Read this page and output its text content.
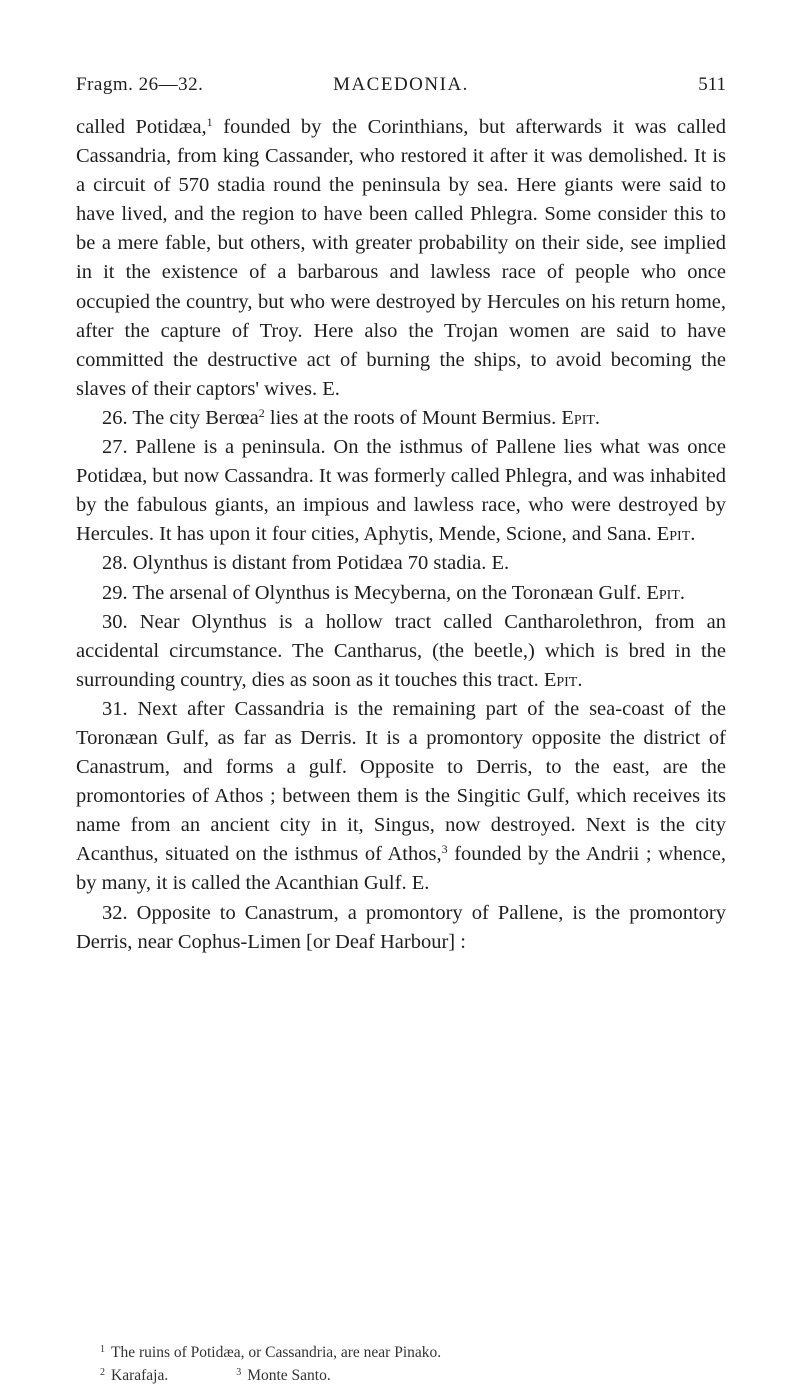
Fragm. 26—32.	MACEDONIA.	511

called Potidæa,$^1$ founded by the Corinthians, but afterwards it was called Cassandria, from king Cassander, who restored it after it was demolished. It is a circuit of 570 stadia round the peninsula by sea. Here giants were said to have lived, and the region to have been called Phlegra. Some consider this to be a mere fable, but others, with greater probability on their side, see implied in it the existence of a barbarous and lawless race of people who once occupied the country, but who were destroyed by Hercules on his return home, after the capture of Troy. Here also the Trojan women are said to have committed the destructive act of burning the ships, to avoid becoming the slaves of their captors' wives. E.

26. The city Berœa$^2$ lies at the roots of Mount Bermius. Epit.

27. Pallene is a peninsula. On the isthmus of Pallene lies what was once Potidæa, but now Cassandra. It was formerly called Phlegra, and was inhabited by the fabulous giants, an impious and lawless race, who were destroyed by Hercules. It has upon it four cities, Aphytis, Mende, Scione, and Sana. Epit.

28. Olynthus is distant from Potidæa 70 stadia. E.

29. The arsenal of Olynthus is Mecyberna, on the Toronæan Gulf. Epit.

30. Near Olynthus is a hollow tract called Cantharolethron, from an accidental circumstance. The Cantharus, (the beetle,) which is bred in the surrounding country, dies as soon as it touches this tract. Epit.

31. Next after Cassandria is the remaining part of the sea-coast of the Toronæan Gulf, as far as Derris. It is a promontory opposite the district of Canastrum, and forms a gulf. Opposite to Derris, to the east, are the promontories of Athos ; between them is the Singitic Gulf, which receives its name from an ancient city in it, Singus, now destroyed. Next is the city Acanthus, situated on the isthmus of Athos,$^3$ founded by the Andrii ; whence, by many, it is called the Acanthian Gulf. E.

32. Opposite to Canastrum, a promontory of Pallene, is the promontory Derris, near Cophus-Limen [or Deaf Harbour] :

$^1$ The ruins of Potidæa, or Cassandria, are near Pinako.
$^2$ Karafaja.	$^3$ Monte Santo.
